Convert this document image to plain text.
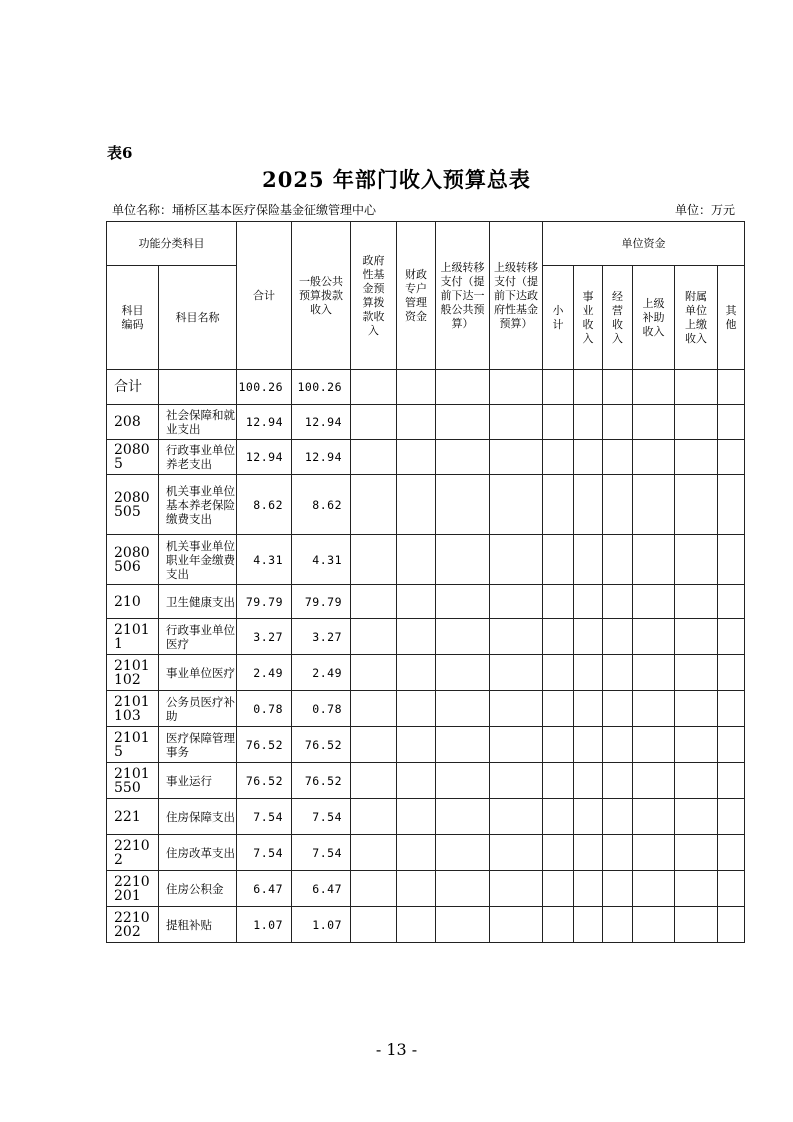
表6
2025 年部门收入预算总表
单位名称：埇桥区基本医疗保险基金征缴管理中心	单位：万元
功能分类科目		合计	一般公共预算拨款收入	政府性基金预算拨款收入	财政专户管理资金	上级转移支付（提前下达一般公共预算）	上级转移支付（提前下达政府性基金预算）	单位资金					

科目编码	科目名称							小计	事业收入	经营收入	上级补助收入	附属单位上缴收入	其他

合计		100.26	100.26										
208	社会保障和就业支出	12.94	12.94										
20805	行政事业单位养老支出	12.94	12.94										
2080505	机关事业单位基本养老保险缴费支出	8.62	8.62										
2080506	机关事业单位职业年金缴费支出	4.31	4.31										
210	卫生健康支出	79.79	79.79										
21011	行政事业单位医疗	3.27	3.27										
2101102	事业单位医疗	2.49	2.49										
2101103	公务员医疗补助	0.78	0.78										
21015	医疗保障管理事务	76.52	76.52										
2101550	事业运行	76.52	76.52										
221	住房保障支出	7.54	7.54										
22102	住房改革支出	7.54	7.54										
2210201	住房公积金	6.47	6.47										
2210202	提租补贴	1.07	1.07										
- 13 -
